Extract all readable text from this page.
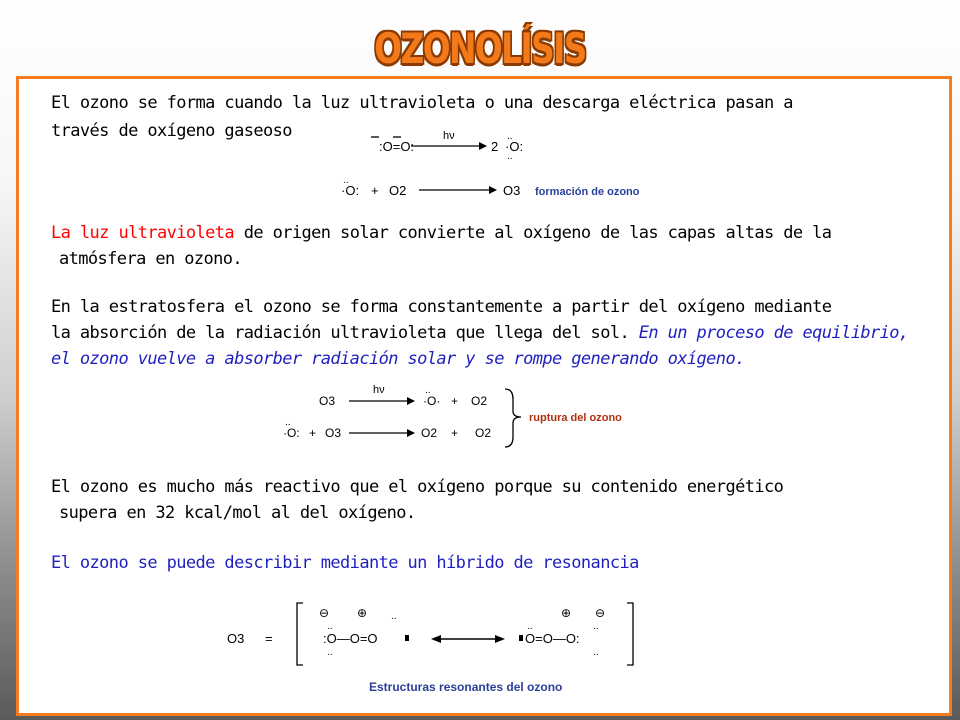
OZONOLÍSIS
El ozono se forma cuando la luz ultravioleta o una descarga eléctrica pasan a
través de oxígeno gaseoso
:O=O:
hν
2 ·O:
..
..
·O:
..
+ O2	O3 formación de ozono
La luz ultravioleta de origen solar convierte al oxígeno de las capas altas de la
atmósfera en ozono.
En la estratosfera el ozono se forma constantemente a partir del oxígeno mediante
la absorción de la radiación ultravioleta que llega del sol. En un proceso de equilibrio,
el ozono vuelve a absorber radiación solar y se rompe generando oxígeno.
O3
hν
·O·
..
+ O2
·O:
..
+ O3	O2 + O2
ruptura del ozono
El ozono es mucho más reactivo que el oxígeno porque su contenido energético
supera en 32 kcal/mol al del oxígeno.
El ozono se puede describir mediante un híbrido de resonancia
O3 =	:O—O=O
⊖ ⊕ ..
..
..
O=O—O:
⊕ ⊖
..	..
..
Estructuras resonantes del ozono
